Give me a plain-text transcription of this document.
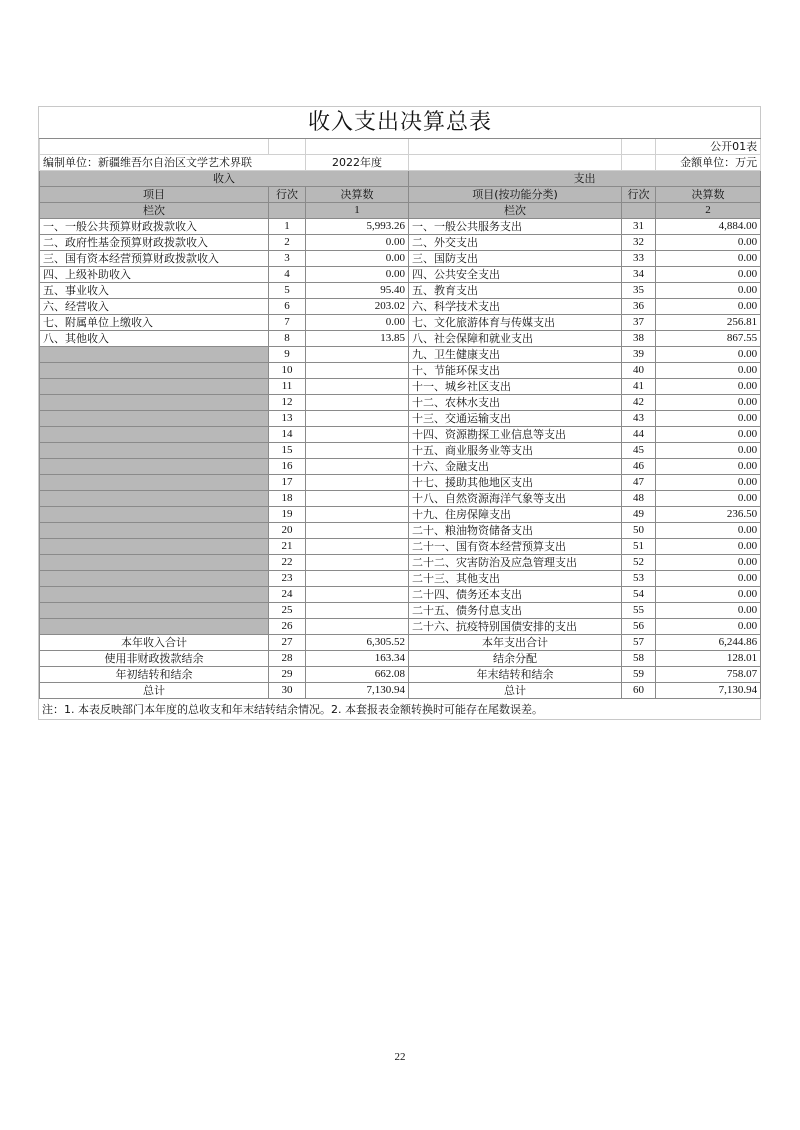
收入支出决算总表					
					公开01表
编制单位：新疆维吾尔自治区文学艺术界联		2022年度			金额单位：万元
收入			支出		
项目	行次	决算数	项目(按功能分类)	行次	决算数
栏次		1	栏次		2
一、一般公共预算财政拨款收入	1	5,993.26	一、一般公共服务支出	31	4,884.00
二、政府性基金预算财政拨款收入	2	0.00	二、外交支出	32	0.00
三、国有资本经营预算财政拨款收入	3	0.00	三、国防支出	33	0.00
四、上级补助收入	4	0.00	四、公共安全支出	34	0.00
五、事业收入	5	95.40	五、教育支出	35	0.00
六、经营收入	6	203.02	六、科学技术支出	36	0.00
七、附属单位上缴收入	7	0.00	七、文化旅游体育与传媒支出	37	256.81
八、其他收入	8	13.85	八、社会保障和就业支出	38	867.55
	9		九、卫生健康支出	39	0.00
	10		十、节能环保支出	40	0.00
	11		十一、城乡社区支出	41	0.00
	12		十二、农林水支出	42	0.00
	13		十三、交通运输支出	43	0.00
	14		十四、资源勘探工业信息等支出	44	0.00
	15		十五、商业服务业等支出	45	0.00
	16		十六、金融支出	46	0.00
	17		十七、援助其他地区支出	47	0.00
	18		十八、自然资源海洋气象等支出	48	0.00
	19		十九、住房保障支出	49	236.50
	20		二十、粮油物资储备支出	50	0.00
	21		二十一、国有资本经营预算支出	51	0.00
	22		二十二、灾害防治及应急管理支出	52	0.00
	23		二十三、其他支出	53	0.00
	24		二十四、债务还本支出	54	0.00
	25		二十五、债务付息支出	55	0.00
	26		二十六、抗疫特别国债安排的支出	56	0.00
本年收入合计	27	6,305.52	本年支出合计	57	6,244.86
使用非财政拨款结余	28	163.34	结余分配	58	128.01
年初结转和结余	29	662.08	年末结转和结余	59	758.07
总计	30	7,130.94	总计	60	7,130.94
注：1. 本表反映部门本年度的总收支和年末结转结余情况。2. 本套报表金额转换时可能存在尾数误差。
22
